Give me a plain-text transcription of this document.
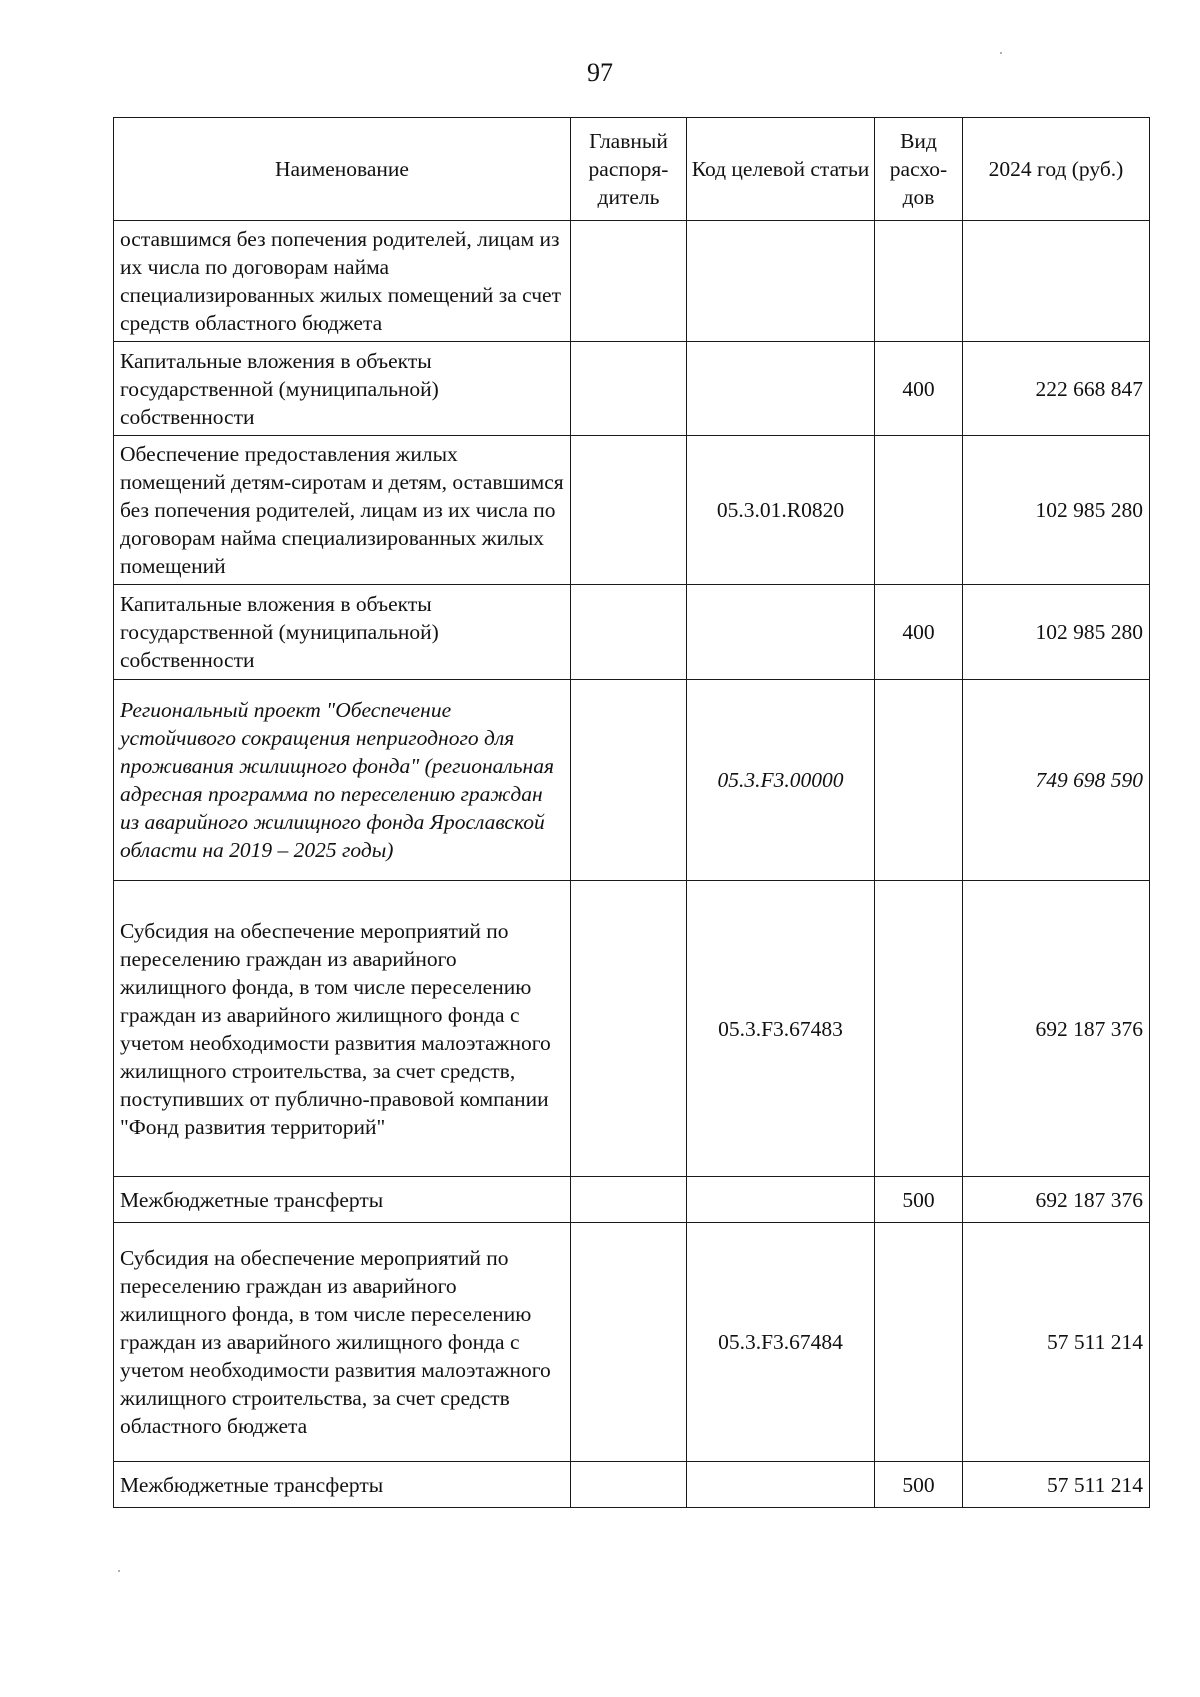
97
Наименование	Главный распоря- дитель	Код целевой статьи	Вид расхо- дов	2024 год (руб.)
оставшимся без попечения родителей, лицам из их числа по договорам найма специализированных жилых помещений за счет средств областного бюджета				
Капитальные вложения в объекты государственной (муниципальной) собственности			400	222 668 847
Обеспечение предоставления жилых помещений детям-сиротам и детям, оставшимся без попечения родителей, лицам из их числа по договорам найма специализированных жилых помещений		05.3.01.R0820		102 985 280
Капитальные вложения в объекты государственной (муниципальной) собственности			400	102 985 280
Региональный проект "Обеспечение устойчивого сокращения непригодного для проживания жилищного фонда" (региональная адресная программа по переселению граждан из аварийного жилищного фонда Ярославской области на 2019 – 2025 годы)		05.3.F3.00000		749 698 590
Субсидия на обеспечение мероприятий по переселению граждан из аварийного жилищного фонда, в том числе переселению граждан из аварийного жилищного фонда с учетом необходимости развития малоэтажного жилищного строительства, за счет средств, поступивших от публично-правовой компании "Фонд развития территорий"		05.3.F3.67483		692 187 376
Межбюджетные трансферты			500	692 187 376
Субсидия на обеспечение мероприятий по переселению граждан из аварийного жилищного фонда, в том числе переселению граждан из аварийного жилищного фонда с учетом необходимости развития малоэтажного жилищного строительства, за счет средств областного бюджета		05.3.F3.67484		57 511 214
Межбюджетные трансферты			500	57 511 214
